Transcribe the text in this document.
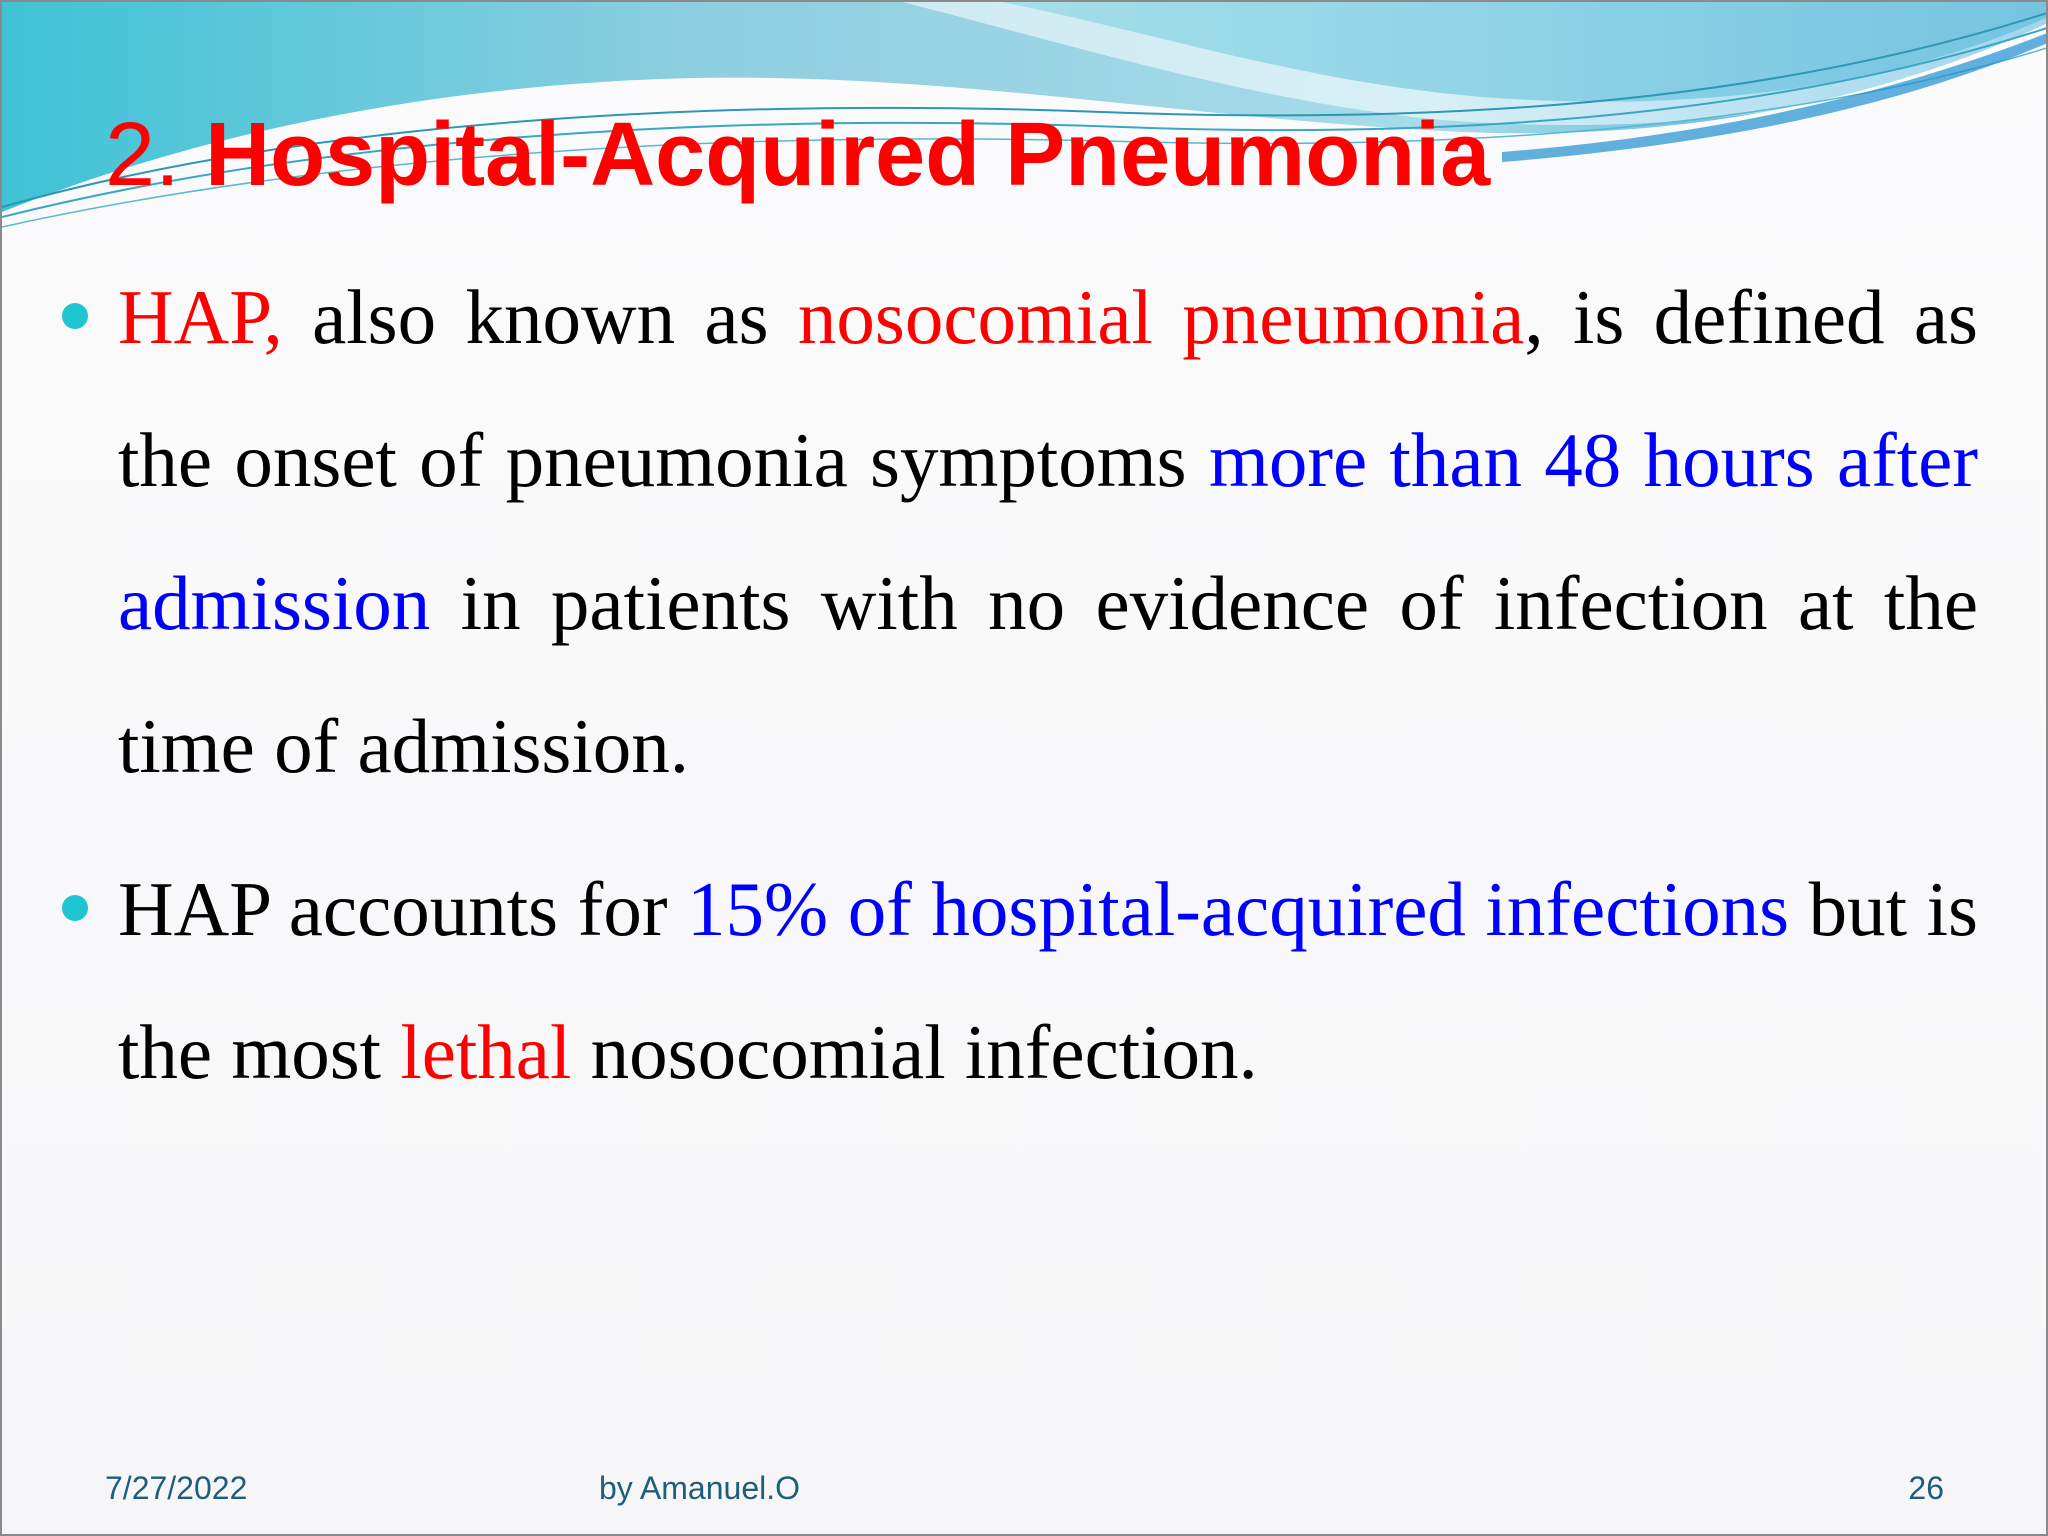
2. Hospital-Acquired Pneumonia

HAP, also known as nosocomial pneumonia, is defined as the onset of pneumonia symptoms more than 48 hours after admission in patients with no evidence of infection at the time of admission.

HAP accounts for 15% of hospital-acquired infections but is the most lethal nosocomial infection.

7/27/2022	by Amanuel.O	26
